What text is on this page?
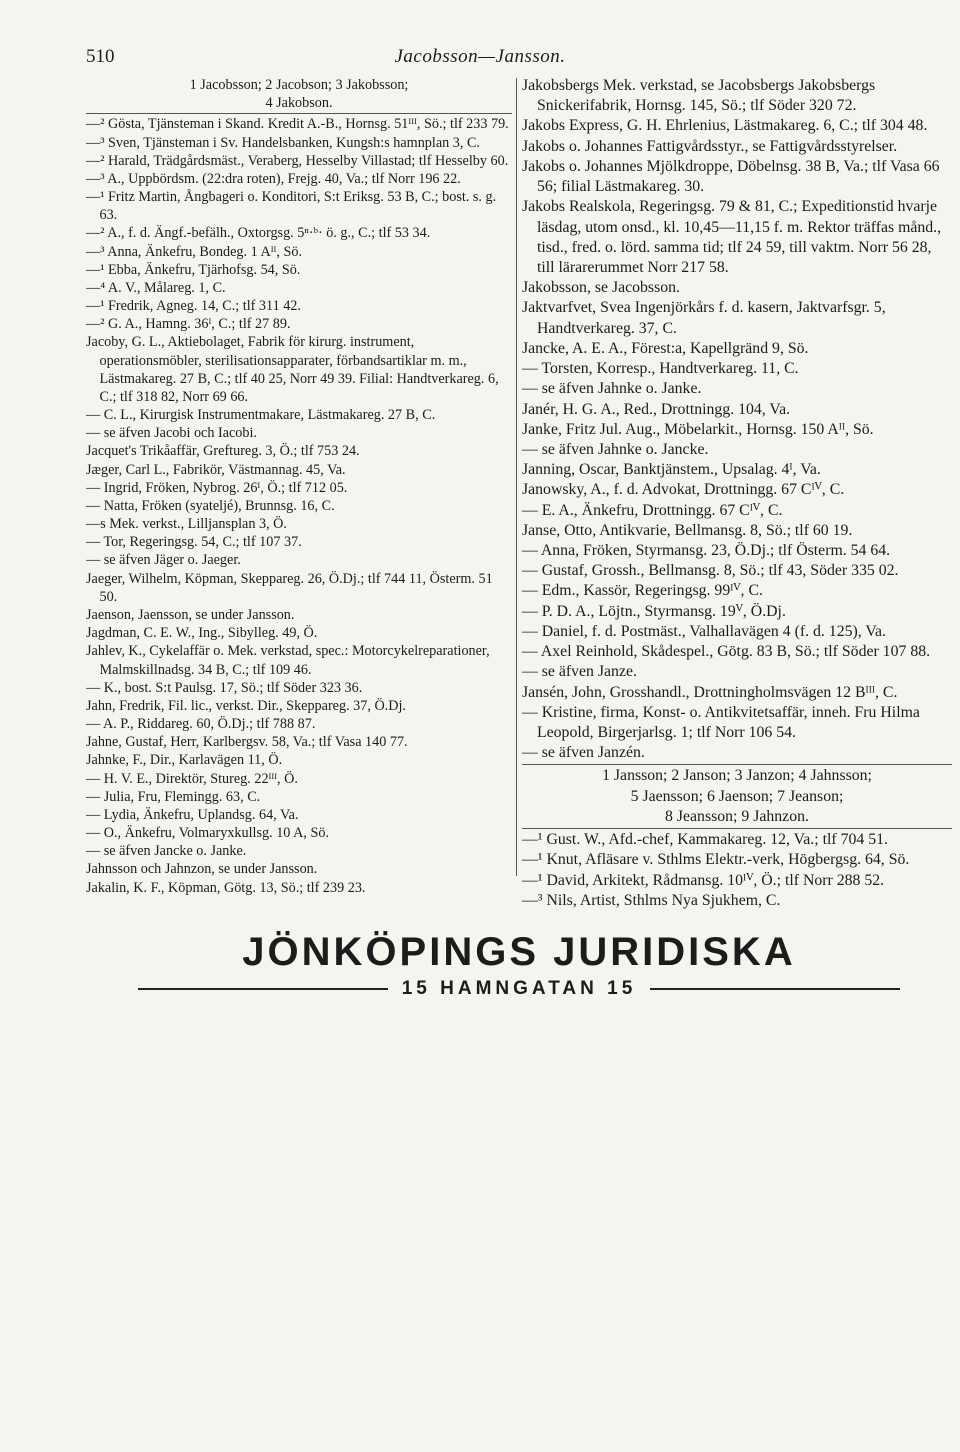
510	Jacobsson—Jansson.
1 Jacobsson; 2 Jacobson; 3 Jakobsson;
4 Jakobson.
—² Gösta, Tjänsteman i Skand. Kredit A.-B., Hornsg. 51ᴵᴵᴵ, Sö.; tlf 233 79.
—³ Sven, Tjänsteman i Sv. Handelsbanken, Kungsh:s hamnplan 3, C.
—² Harald, Trädgårdsmäst., Veraberg, Hesselby Villastad; tlf Hesselby 60.
—³ A., Uppbördsm. (22:dra roten), Frejg. 40, Va.; tlf Norr 196 22.
—¹ Fritz Martin, Ångbageri o. Konditori, S:t Eriksg. 53 B, C.; bost. s. g. 63.
—² A., f. d. Ängf.-befälh., Oxtorgsg. 5ⁿ·ᵇ· ö. g., C.; tlf 53 34.
—³ Anna, Änkefru, Bondeg. 1 Aᴵᴵ, Sö.
—¹ Ebba, Änkefru, Tjärhofsg. 54, Sö.
—⁴ A. V., Målareg. 1, C.
—¹ Fredrik, Agneg. 14, C.; tlf 311 42.
—² G. A., Hamng. 36ᴵ, C.; tlf 27 89.
Jacoby, G. L., Aktiebolaget, Fabrik för kirurg. instrument, operationsmöbler, sterilisationsapparater, förbandsartiklar m. m., Lästmakareg. 27 B, C.; tlf 40 25, Norr 49 39. Filial: Handtverkareg. 6, C.; tlf 318 82, Norr 69 66.
— C. L., Kirurgisk Instrumentmakare, Lästmakareg. 27 B, C.
— se äfven Jacobi och Iacobi.
Jacquet's Trikåaffär, Greftureg. 3, Ö.; tlf 753 24.
Jæger, Carl L., Fabrikör, Västmannag. 45, Va.
— Ingrid, Fröken, Nybrog. 26ᴵ, Ö.; tlf 712 05.
— Natta, Fröken (syateljé), Brunnsg. 16, C.
—s Mek. verkst., Lilljansplan 3, Ö.
— Tor, Regeringsg. 54, C.; tlf 107 37.
— se äfven Jäger o. Jaeger.
Jaeger, Wilhelm, Köpman, Skeppareg. 26, Ö.Dj.; tlf 744 11, Österm. 51 50.
Jaenson, Jaensson, se under Jansson.
Jagdman, C. E. W., Ing., Sibylleg. 49, Ö.
Jahlev, K., Cykelaffär o. Mek. verkstad, spec.: Motorcykelreparationer, Malmskillnadsg. 34 B, C.; tlf 109 46.
— K., bost. S:t Paulsg. 17, Sö.; tlf Söder 323 36.
Jahn, Fredrik, Fil. lic., verkst. Dir., Skeppareg. 37, Ö.Dj.
— A. P., Riddareg. 60, Ö.Dj.; tlf 788 87.
Jahne, Gustaf, Herr, Karlbergsv. 58, Va.; tlf Vasa 140 77.
Jahnke, F., Dir., Karlavägen 11, Ö.
— H. V. E., Direktör, Stureg. 22ᴵᴵᴵ, Ö.
— Julia, Fru, Flemingg. 63, C.
— Lydia, Änkefru, Uplandsg. 64, Va.
— O., Änkefru, Volmaryxkullsg. 10 A, Sö.
— se äfven Jancke o. Janke.
Jahnsson och Jahnzon, se under Jansson.
Jakalin, K. F., Köpman, Götg. 13, Sö.; tlf 239 23.
Jakobsbergs Mek. verkstad, se Jacobsbergs Jakobsbergs Snickerifabrik, Hornsg. 145, Sö.; tlf Söder 320 72.
Jakobs Express, G. H. Ehrlenius, Lästmakareg. 6, C.; tlf 304 48.
Jakobs o. Johannes Fattigvårdsstyr., se Fattigvårdsstyrelser.
Jakobs o. Johannes Mjölkdroppe, Döbelnsg. 38 B, Va.; tlf Vasa 66 56; filial Lästmakareg. 30.
Jakobs Realskola, Regeringsg. 79 & 81, C.; Expeditionstid hvarje läsdag, utom onsd., kl. 10,45—11,15 f. m. Rektor träffas månd., tisd., fred. o. lörd. samma tid; tlf 24 59, till vaktm. Norr 56 28, till lärarerummet Norr 217 58.
Jakobsson, se Jacobsson.
Jaktvarfvet, Svea Ingenjörkårs f. d. kasern, Jaktvarfsgr. 5, Handtverkareg. 37, C.
Jancke, A. E. A., Förest:a, Kapellgränd 9, Sö.
— Torsten, Korresp., Handtverkareg. 11, C.
— se äfven Jahnke o. Janke.
Janér, H. G. A., Red., Drottningg. 104, Va.
Janke, Fritz Jul. Aug., Möbelarkit., Hornsg. 150 Aᴵᴵ, Sö.
— se äfven Jahnke o. Jancke.
Janning, Oscar, Banktjänstem., Upsalag. 4ᴵ, Va.
Janowsky, A., f. d. Advokat, Drottningg. 67 Cᴵⱽ, C.
— E. A., Änkefru, Drottningg. 67 Cᴵⱽ, C.
Janse, Otto, Antikvarie, Bellmansg. 8, Sö.; tlf 60 19.
— Anna, Fröken, Styrmansg. 23, Ö.Dj.; tlf Österm. 54 64.
— Gustaf, Grossh., Bellmansg. 8, Sö.; tlf 43, Söder 335 02.
— Edm., Kassör, Regeringsg. 99ᴵⱽ, C.
— P. D. A., Löjtn., Styrmansg. 19ⱽ, Ö.Dj.
— Daniel, f. d. Postmäst., Valhallavägen 4 (f. d. 125), Va.
— Axel Reinhold, Skådespel., Götg. 83 B, Sö.; tlf Söder 107 88.
— se äfven Janze.
Jansén, John, Grosshandl., Drottningholmsvägen 12 Bᴵᴵᴵ, C.
— Kristine, firma, Konst- o. Antikvitetsaffär, inneh. Fru Hilma Leopold, Birgerjarlsg. 1; tlf Norr 106 54.
— se äfven Janzén.
1 Jansson; 2 Janson; 3 Janzon; 4 Jahnsson;
5 Jaensson; 6 Jaenson; 7 Jeanson;
8 Jeansson; 9 Jahnzon.
—¹ Gust. W., Afd.-chef, Kammakareg. 12, Va.; tlf 704 51.
—¹ Knut, Afläsare v. Sthlms Elektr.-verk, Högbergsg. 64, Sö.
—¹ David, Arkitekt, Rådmansg. 10ᴵⱽ, Ö.; tlf Norr 288 52.
—³ Nils, Artist, Sthlms Nya Sjukhem, C.
JÖNKÖPINGS JURIDISKA
15 HAMNGATAN 15
